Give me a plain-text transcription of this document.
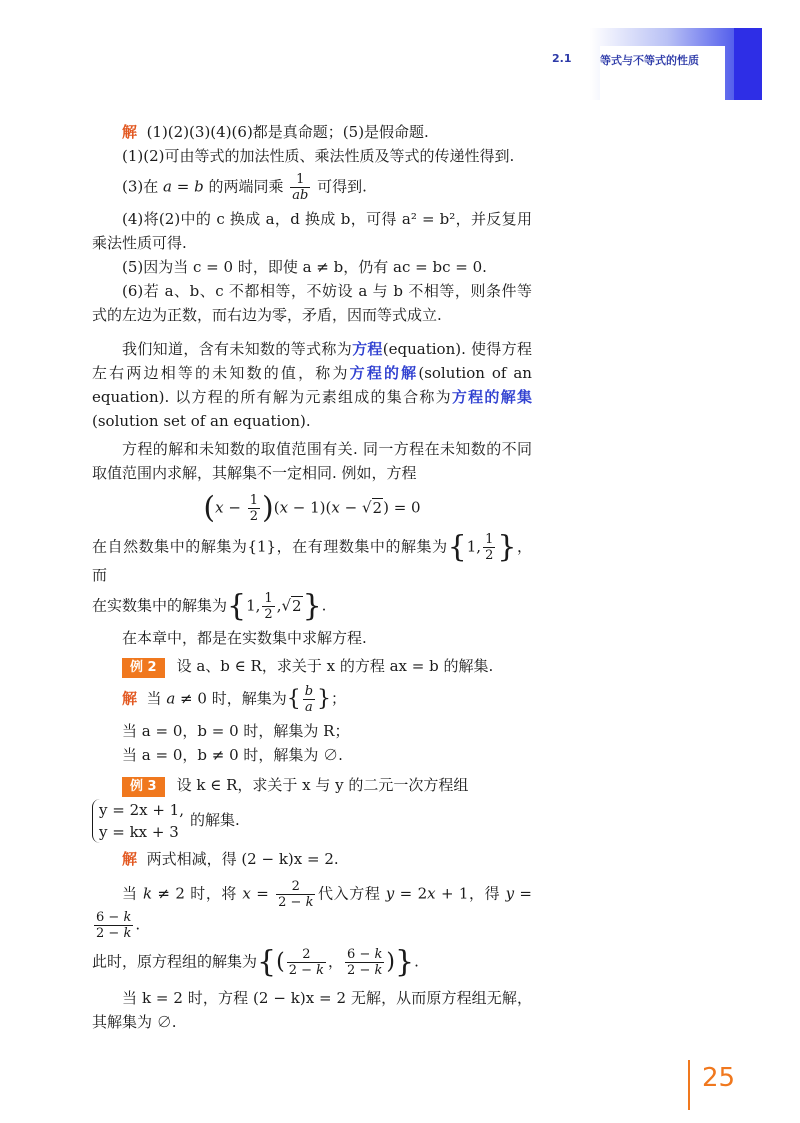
2.1	等式与不等式的性质

解 (1)(2)(3)(4)(6)都是真命题；(5)是假命题.

(1)(2)可由等式的加法性质、乘法性质及等式的传递性得到.

(3)在 a = b 的两端同乘 $\frac{1}{ab}$ 可得到.

(4)将(2)中的 c 换成 a，d 换成 b，可得 a² = b²，并反复用乘法性质可得.

(5)因为当 c = 0 时，即使 a ≠ b，仍有 ac = bc = 0.

(6)若 a、b、c 不都相等，不妨设 a 与 b 不相等，则条件等式的左边为正数，而右边为零，矛盾，因而等式成立.

我们知道，含有未知数的等式称为方程(equation). 使得方程左右两边相等的未知数的值，称为方程的解(solution of an equation). 以方程的所有解为元素组成的集合称为方程的解集(solution set of an equation).

方程的解和未知数的取值范围有关. 同一方程在未知数的不同取值范围内求解，其解集不一定相同. 例如，方程

$(x - \frac{1}{2} )(x - 1)(x - √2) = 0$

在自然数集中的解集为{1}，在有理数集中的解集为{1, $\frac{1}{2}$ }，而

在实数集中的解集为{1, $\frac{1}{2} ,√2$}.

在本章中，都是在实数集中求解方程.

例 2 设 a、b ∈ R，求关于 x 的方程 ax = b 的解集.

解  当 a ≠ 0 时，解集为{ $\frac{b}{a}$ }；

当 a = 0，b = 0 时，解集为 R；

当 a = 0，b ≠ 0 时，解集为 ∅.

例 3 设 k ∈ R，求关于 x 与 y 的二元一次方程组

y = 2x + 1,
y = kx + 3
的解集.

解 两式相减，得 (2 − k)x = 2.

当 k ≠ 2 时，将 $x = \frac{2}{2 - k}$ 代入方程 y = 2x + 1，得 y =
$\frac{6 - k}{2 - k}$ .

此时，原方程组的解集为{( $\frac{2}{2 - k}$ ， $\frac{6 - k}{2 - k}$ )}.

当 k = 2 时，方程 (2 − k)x = 2 无解，从而原方程组无解，其解集为 ∅.

25
